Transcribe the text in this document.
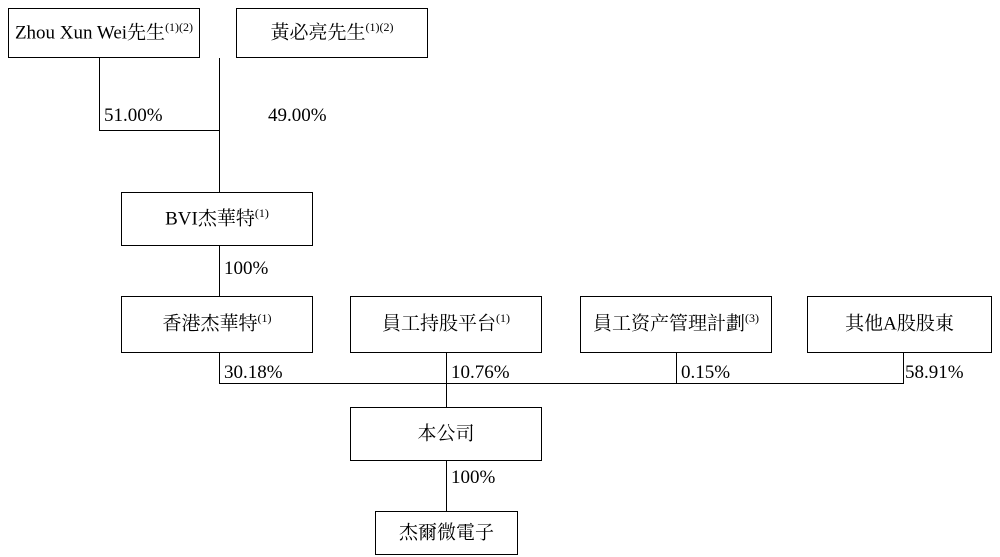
Zhou Xun Wei先生$^{(1)(2)}$	黃必亮先生$^{(1)(2)}$
BVI杰華特$^{(1)}$
香港杰華特$^{(1)}$	員工持股平台$^{(1)}$	員工资产管理計劃$^{(3)}$	其他A股股東
本公司
杰爾微電子
51.00%	49.00%
100%
30.18%	10.76%	0.15%	58.91%
100%
